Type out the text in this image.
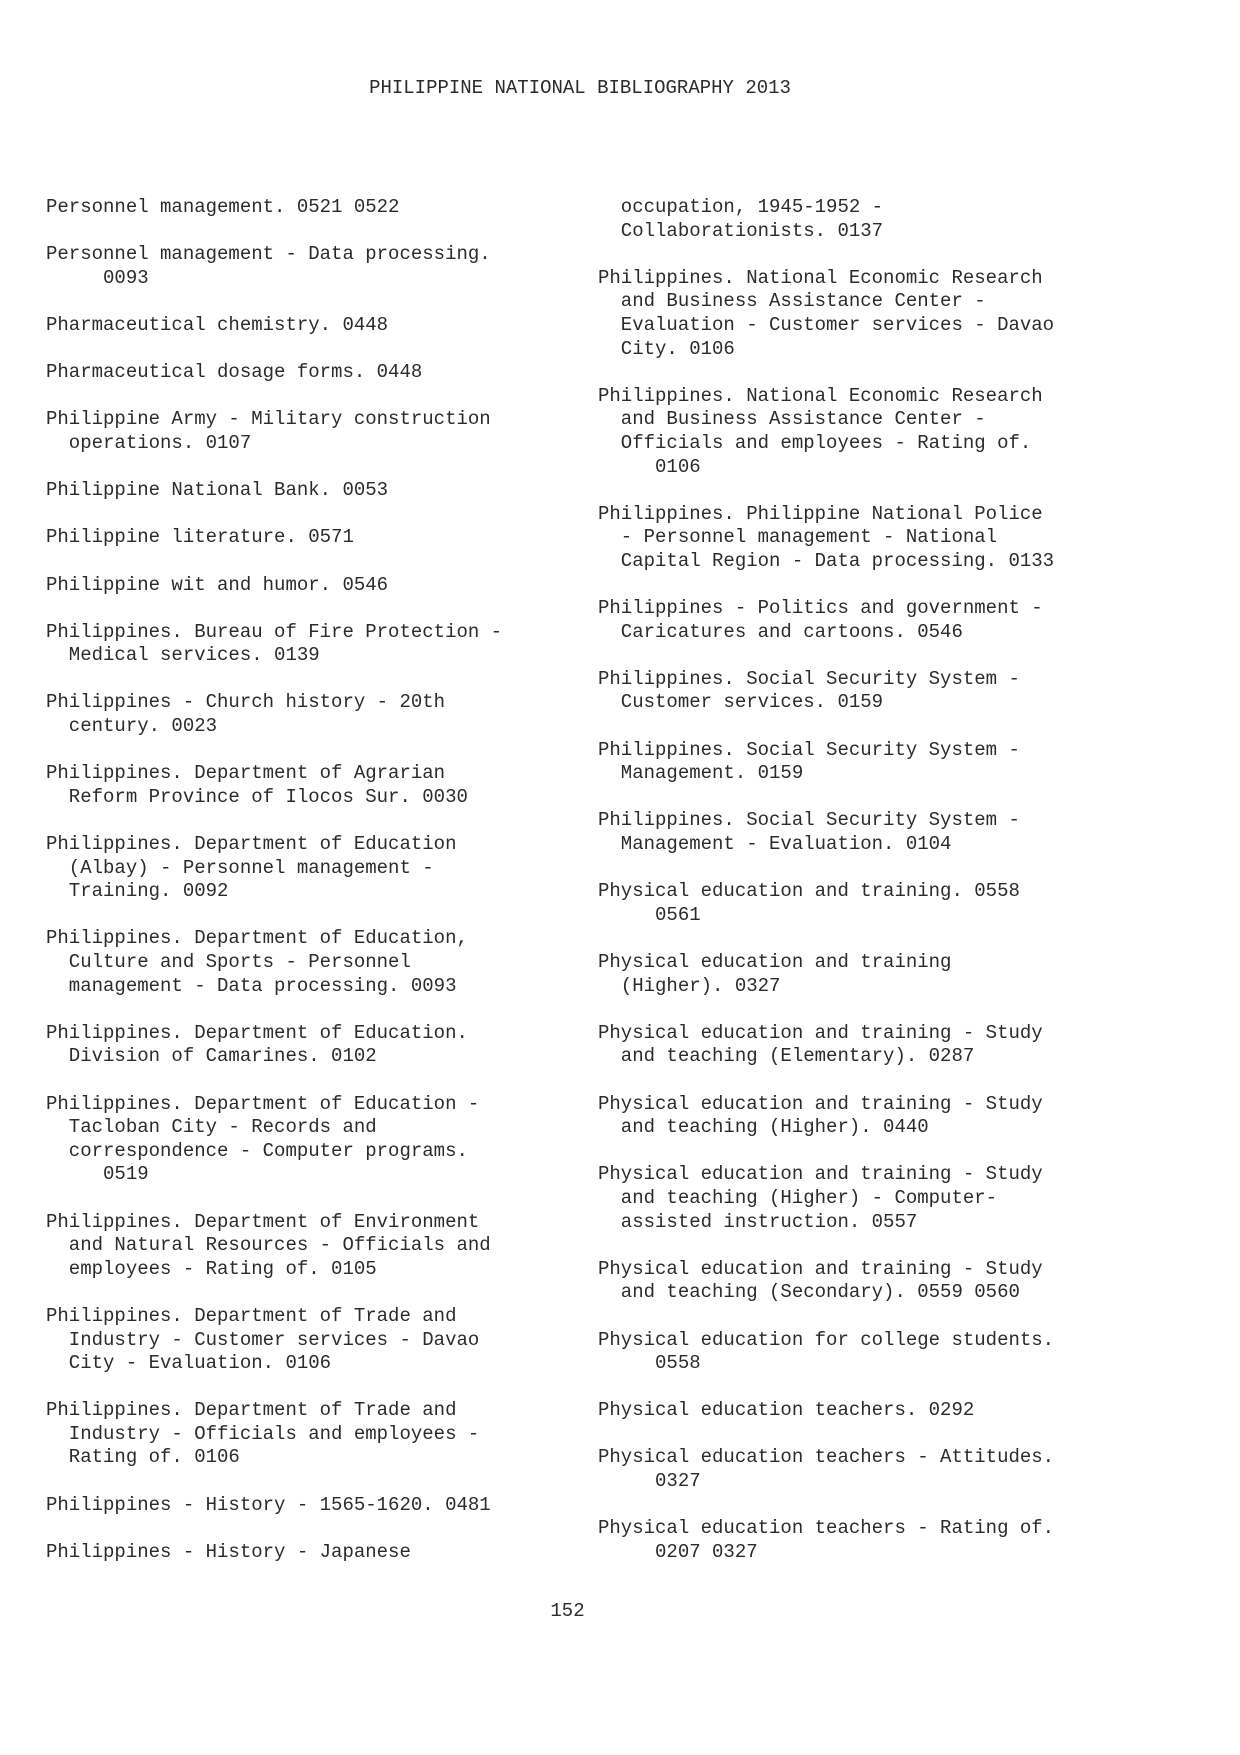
PHILIPPINE NATIONAL BIBLIOGRAPHY 2013
Personnel management. 0521 0522
Personnel management - Data processing.
0093
Pharmaceutical chemistry. 0448
Pharmaceutical dosage forms. 0448
Philippine Army - Military construction
operations. 0107
Philippine National Bank. 0053
Philippine literature. 0571
Philippine wit and humor. 0546
Philippines. Bureau of Fire Protection -
Medical services. 0139
Philippines - Church history - 20th
century. 0023
Philippines. Department of Agrarian
Reform Province of Ilocos Sur. 0030
Philippines. Department of Education
(Albay) - Personnel management -
Training. 0092
Philippines. Department of Education,
Culture and Sports - Personnel
management - Data processing. 0093
Philippines. Department of Education.
Division of Camarines. 0102
Philippines. Department of Education -
Tacloban City - Records and
correspondence - Computer programs.
0519
Philippines. Department of Environment
and Natural Resources - Officials and
employees - Rating of. 0105
Philippines. Department of Trade and
Industry - Customer services - Davao
City - Evaluation. 0106
Philippines. Department of Trade and
Industry - Officials and employees -
Rating of. 0106
Philippines - History - 1565-1620. 0481
Philippines - History - Japanese
occupation, 1945-1952 -
Collaborationists. 0137
Philippines. National Economic Research
and Business Assistance Center -
Evaluation - Customer services - Davao
City. 0106
Philippines. National Economic Research
and Business Assistance Center -
Officials and employees - Rating of.
0106
Philippines. Philippine National Police
- Personnel management - National
Capital Region - Data processing. 0133
Philippines - Politics and government -
Caricatures and cartoons. 0546
Philippines. Social Security System -
Customer services. 0159
Philippines. Social Security System -
Management. 0159
Philippines. Social Security System -
Management - Evaluation. 0104
Physical education and training. 0558
0561
Physical education and training
(Higher). 0327
Physical education and training - Study
and teaching (Elementary). 0287
Physical education and training - Study
and teaching (Higher). 0440
Physical education and training - Study
and teaching (Higher) - Computer-
assisted instruction. 0557
Physical education and training - Study
and teaching (Secondary). 0559 0560
Physical education for college students.
0558
Physical education teachers. 0292
Physical education teachers - Attitudes.
0327
Physical education teachers - Rating of.
0207 0327
152
